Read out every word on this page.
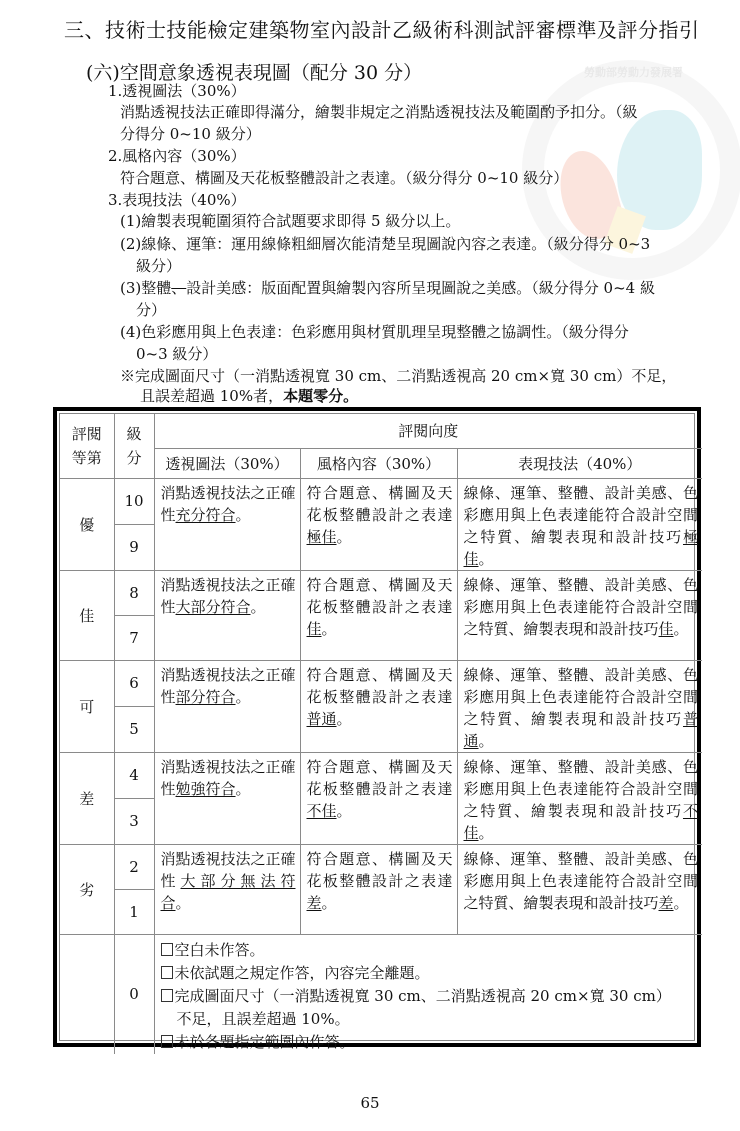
勞動部勞動力發展署
三、技術士技能檢定建築物室內設計乙級術科測試評審標準及評分指引
(六)空間意象透視表現圖（配分 30 分）
1.透視圖法（30%）
消點透視技法正確即得滿分，繪製非規定之消點透視技法及範圍酌予扣分。（級
分得分 0~10 級分）
2.風格內容（30%）
符合題意、構圖及天花板整體設計之表達。（級分得分 0~10 級分）
3.表現技法（40%）
(1)繪製表現範圍須符合試題要求即得 5 級分以上。
(2)線條、運筆：運用線條粗細層次能清楚呈現圖說內容之表達。（級分得分 0~3
級分）
(3)整體、設計美感：版面配置與繪製內容所呈現圖說之美感。（級分得分 0~4 級
分）
(4)色彩應用與上色表達：色彩應用與材質肌理呈現整體之協調性。（級分得分
0~3 級分）
※完成圖面尺寸（一消點透視寬 30 cm、二消點透視高 20 cm×寬 30 cm）不足，
且誤差超過 10%者，本題零分。
評閱
等第	級
分	評閱向度		
		透視圖法（30%）	風格內容（30%）	表現技法（40%）
優	10	消點透視技法之正確性充分符合。	符合題意、構圖及天花板整體設計之表達極佳。	線條、運筆、整體、設計美感、色彩應用與上色表達能符合設計空間之特質、繪製表現和設計技巧極佳。
	9			
佳	8	消點透視技法之正確性大部分符合。	符合題意、構圖及天花板整體設計之表達佳。	線條、運筆、整體、設計美感、色彩應用與上色表達能符合設計空間之特質、繪製表現和設計技巧佳。
	7			
可	6	消點透視技法之正確性部分符合。	符合題意、構圖及天花板整體設計之表達普通。	線條、運筆、整體、設計美感、色彩應用與上色表達能符合設計空間之特質、繪製表現和設計技巧普通。
	5			
差	4	消點透視技法之正確性勉強符合。	符合題意、構圖及天花板整體設計之表達不佳。	線條、運筆、整體、設計美感、色彩應用與上色表達能符合設計空間之特質、繪製表現和設計技巧不佳。
	3			
劣	2	消點透視技法之正確性大部分無法符合。	符合題意、構圖及天花板整體設計之表達差。	線條、運筆、整體、設計美感、色彩應用與上色表達能符合設計空間之特質、繪製表現和設計技巧差。
	1			
	0	空白未作答。
未依試題之規定作答，內容完全離題。
完成圖面尺寸（一消點透視寬 30 cm、二消點透視高 20 cm×寬 30 cm）
不足，且誤差超過 10%。
未於各題指定範圍內作答。		
65
